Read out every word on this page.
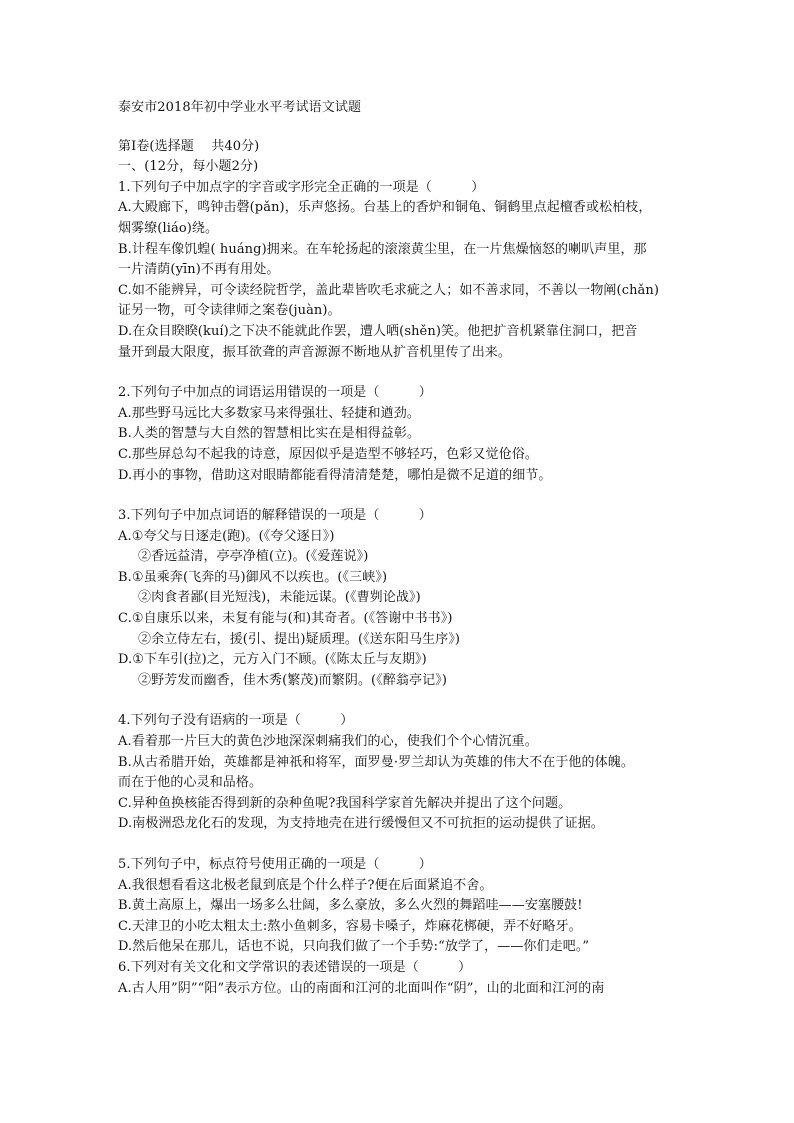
泰安市2018年初中学业水平考试语文试题
第Ⅰ卷(选择题　 共40分)
一、(12分，每小题2分)
1.下列句子中加点字的字音或字形完全正确的一项是（　　　）
A.大殿廊下，鸣钟击磬(pǎn)，乐声悠扬。台基上的香炉和铜龟、铜鹤里点起檀香或松柏枝，
烟雾缭(liáo)绕。
B.计程车像饥蝗( huáng)拥来。在车轮扬起的滚滚黄尘里，在一片焦燥恼怒的喇叭声里，那
一片清荫(yīn)不再有用处。
C.如不能辨异，可令读经院哲学，盖此辈皆吹毛求疵之人；如不善求同，不善以一物阐(chǎn)
证另一物，可令读律师之案卷(juàn)。
D.在众目睽睽(kuí)之下决不能就此作罢，遭人哂(shěn)笑。他把扩音机紧靠住洞口，把音
量开到最大限度，振耳欲聋的声音源源不断地从扩音机里传了出来。
2.下列句子中加点的词语运用错误的一项是（　　　）
A.那些野马远比大多数家马来得强壮、轻捷和遒劲。
B.人类的智慧与大自然的智慧相比实在是相得益彰。
C.那些屏总勾不起我的诗意，原因似乎是造型不够轻巧，色彩又觉伧俗。
D.再小的事物，借助这对眼睛都能看得清清楚楚，哪怕是微不足道的细节。
3.下列句子中加点词语的解释错误的一项是（　　　）
A.①夸父与日逐走(跑)。(《夸父逐日》)
②香远益清，亭亭净植(立)。(《爱莲说》)
B.①虽乘奔(飞奔的马)御风不以疾也。(《三峡》)
②肉食者鄙(目光短浅)，未能远谋。(《曹刿论战》)
C.①自康乐以来，未复有能与(和)其奇者。(《答谢中书书》)
②余立侍左右，援(引、提出)疑质理。(《送东阳马生序》)
D.①下车引(拉)之，元方入门不顾。(《陈太丘与友期》)
②野芳发而幽香，佳木秀(繁茂)而繁阴。(《醉翁亭记》)
4.下列句子没有语病的一项是（　　　）
A.看着那一片巨大的黄色沙地深深刺痛我们的心，使我们个个心情沉重。
B.从古希腊开始，英雄都是神祇和将军，面罗曼·罗兰却认为英雄的伟大不在于他的体魄。
而在于他的心灵和品格。
C.异种鱼换核能否得到新的杂种鱼呢?我国科学家首先解决并提出了这个问题。
D.南极洲恐龙化石的发现，为支持地壳在进行缓慢但又不可抗拒的运动提供了证据。
5.下列句子中，标点符号使用正确的一项是（　　　）
A.我很想看看这北极老鼠到底是个什么样子?便在后面紧追不舍。
B.黄土高原上，爆出一场多么壮阔，多么豪放，多么火烈的舞蹈哇——安塞腰鼓!
C.天津卫的小吃太粗太土:熬小鱼刺多，容易卡嗓子，炸麻花梆硬，弄不好略牙。
D.然后他呆在那儿，话也不说，只向我们做了一个手势:“放学了，——你们走吧。”
6.下列对有关文化和文学常识的表述错误的一项是（　　　）
A.古人用”阴”“阳”表示方位。山的南面和江河的北面叫作“阴”，山的北面和江河的南
